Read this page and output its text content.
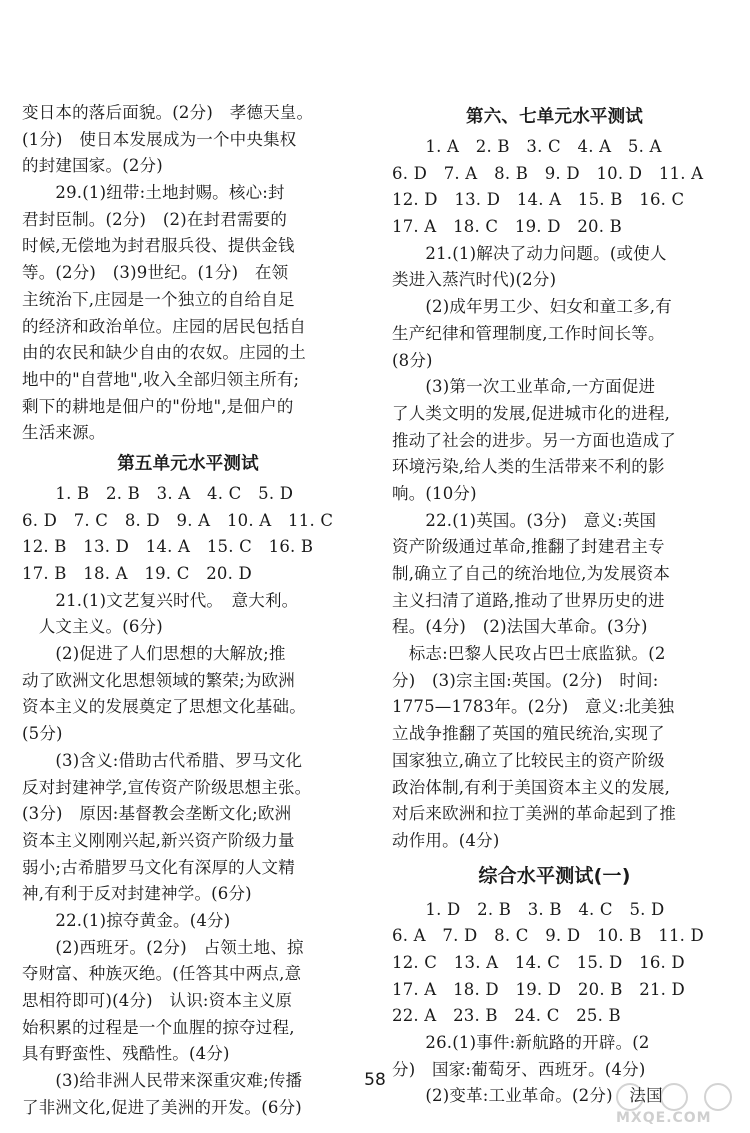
变日本的落后面貌。(2分)　孝德天皇。
(1分)　使日本发展成为一个中央集权
的封建国家。(2分)
　　29.(1)纽带:土地封赐。核心:封
君封臣制。(2分)　(2)在封君需要的
时候,无偿地为封君服兵役、提供金钱
等。(2分)　(3)9世纪。(1分)　在领
主统治下,庄园是一个独立的自给自足
的经济和政治单位。庄园的居民包括自
由的农民和缺少自由的农奴。庄园的土
地中的"自营地",收入全部归领主所有;
剩下的耕地是佃户的"份地",是佃户的
生活来源。
第五单元水平测试
　　1. B　2. B　3. A　4. C　5. D
6. D　7. C　8. D　9. A　10. A　11. C
12. B　13. D　14. A　15. C　16. B
17. B　18. A　19. C　20. D
　　21.(1)文艺复兴时代。　意大利。
　人文主义。(6分)
　　(2)促进了人们思想的大解放;推
动了欧洲文化思想领域的繁荣;为欧洲
资本主义的发展奠定了思想文化基础。
(5分)
　　(3)含义:借助古代希腊、罗马文化
反对封建神学,宣传资产阶级思想主张。
(3分)　原因:基督教会垄断文化;欧洲
资本主义刚刚兴起,新兴资产阶级力量
弱小;古希腊罗马文化有深厚的人文精
神,有利于反对封建神学。(6分)
　　22.(1)掠夺黄金。(4分)
　　(2)西班牙。(2分)　占领土地、掠
夺财富、种族灭绝。(任答其中两点,意
思相符即可)(4分)　认识:资本主义原
始积累的过程是一个血腥的掠夺过程,
具有野蛮性、残酷性。(4分)
　　(3)给非洲人民带来深重灾难;传播
了非洲文化,促进了美洲的开发。(6分)
第六、七单元水平测试
　　1. A　2. B　3. C　4. A　5. A
6. D　7. A　8. B　9. D　10. D　11. A
12. D　13. D　14. A　15. B　16. C
17. A　18. C　19. D　20. B
　　21.(1)解决了动力问题。(或使人
类进入蒸汽时代)(2分)
　　(2)成年男工少、妇女和童工多,有
生产纪律和管理制度,工作时间长等。
(8分)
　　(3)第一次工业革命,一方面促进
了人类文明的发展,促进城市化的进程,
推动了社会的进步。另一方面也造成了
环境污染,给人类的生活带来不利的影
响。(10分)
　　22.(1)英国。(3分)　意义:英国
资产阶级通过革命,推翻了封建君主专
制,确立了自己的统治地位,为发展资本
主义扫清了道路,推动了世界历史的进
程。(4分)　(2)法国大革命。(3分)
　标志:巴黎人民攻占巴士底监狱。(2
分)　(3)宗主国:英国。(2分)　时间:
1775—1783年。(2分)　意义:北美独
立战争推翻了英国的殖民统治,实现了
国家独立,确立了比较民主的资产阶级
政治体制,有利于美国资本主义的发展,
对后来欧洲和拉丁美洲的革命起到了推
动作用。(4分)
综合水平测试(一)
　　1. D　2. B　3. B　4. C　5. D
6. A　7. D　8. C　9. D　10. B　11. D
12. C　13. A　14. C　15. D　16. D
17. A　18. D　19. D　20. B　21. D
22. A　23. B　24. C　25. B
　　26.(1)事件:新航路的开辟。(2
分)　国家:葡萄牙、西班牙。(4分)
　　(2)变革:工业革命。(2分)　法国
58
MXQE.COM
